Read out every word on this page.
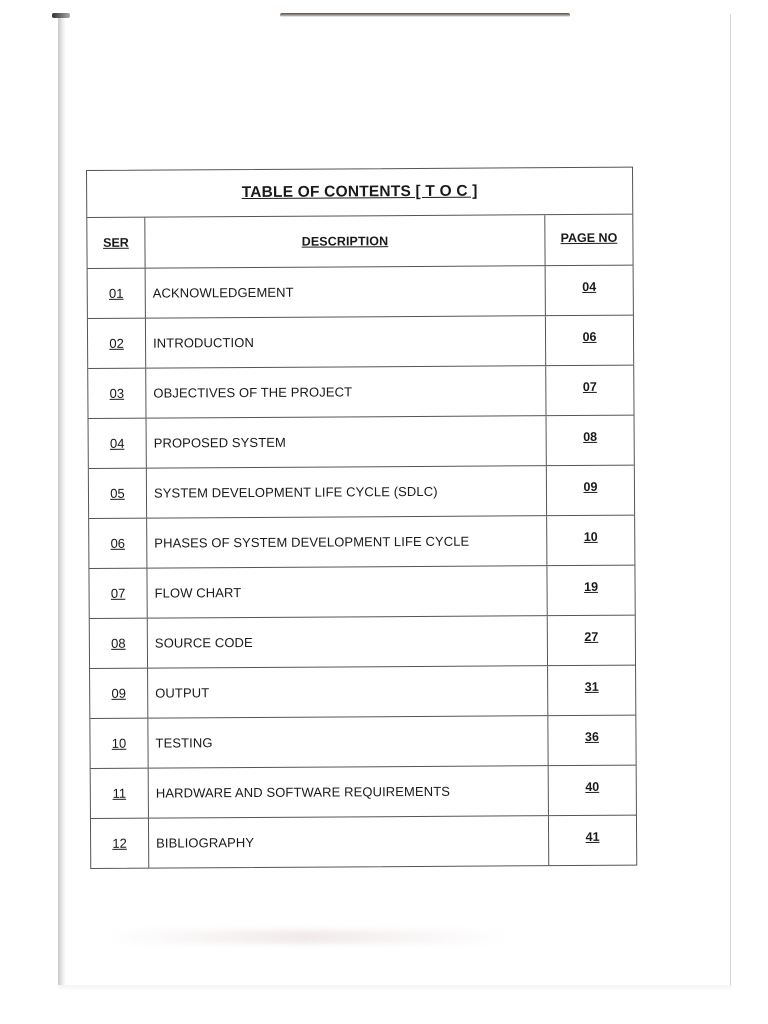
TABLE OF CONTENTS [ T O C ]
SER	DESCRIPTION	PAGE NO
01	ACKNOWLEDGEMENT	04
02	INTRODUCTION	06
03	OBJECTIVES OF THE PROJECT	07
04	PROPOSED SYSTEM	08
05	SYSTEM DEVELOPMENT LIFE CYCLE (SDLC)	09
06	PHASES OF SYSTEM DEVELOPMENT LIFE CYCLE	10
07	FLOW CHART	19
08	SOURCE CODE	27
09	OUTPUT	31
10	TESTING	36
11	HARDWARE AND SOFTWARE REQUIREMENTS	40
12	BIBLIOGRAPHY	41
